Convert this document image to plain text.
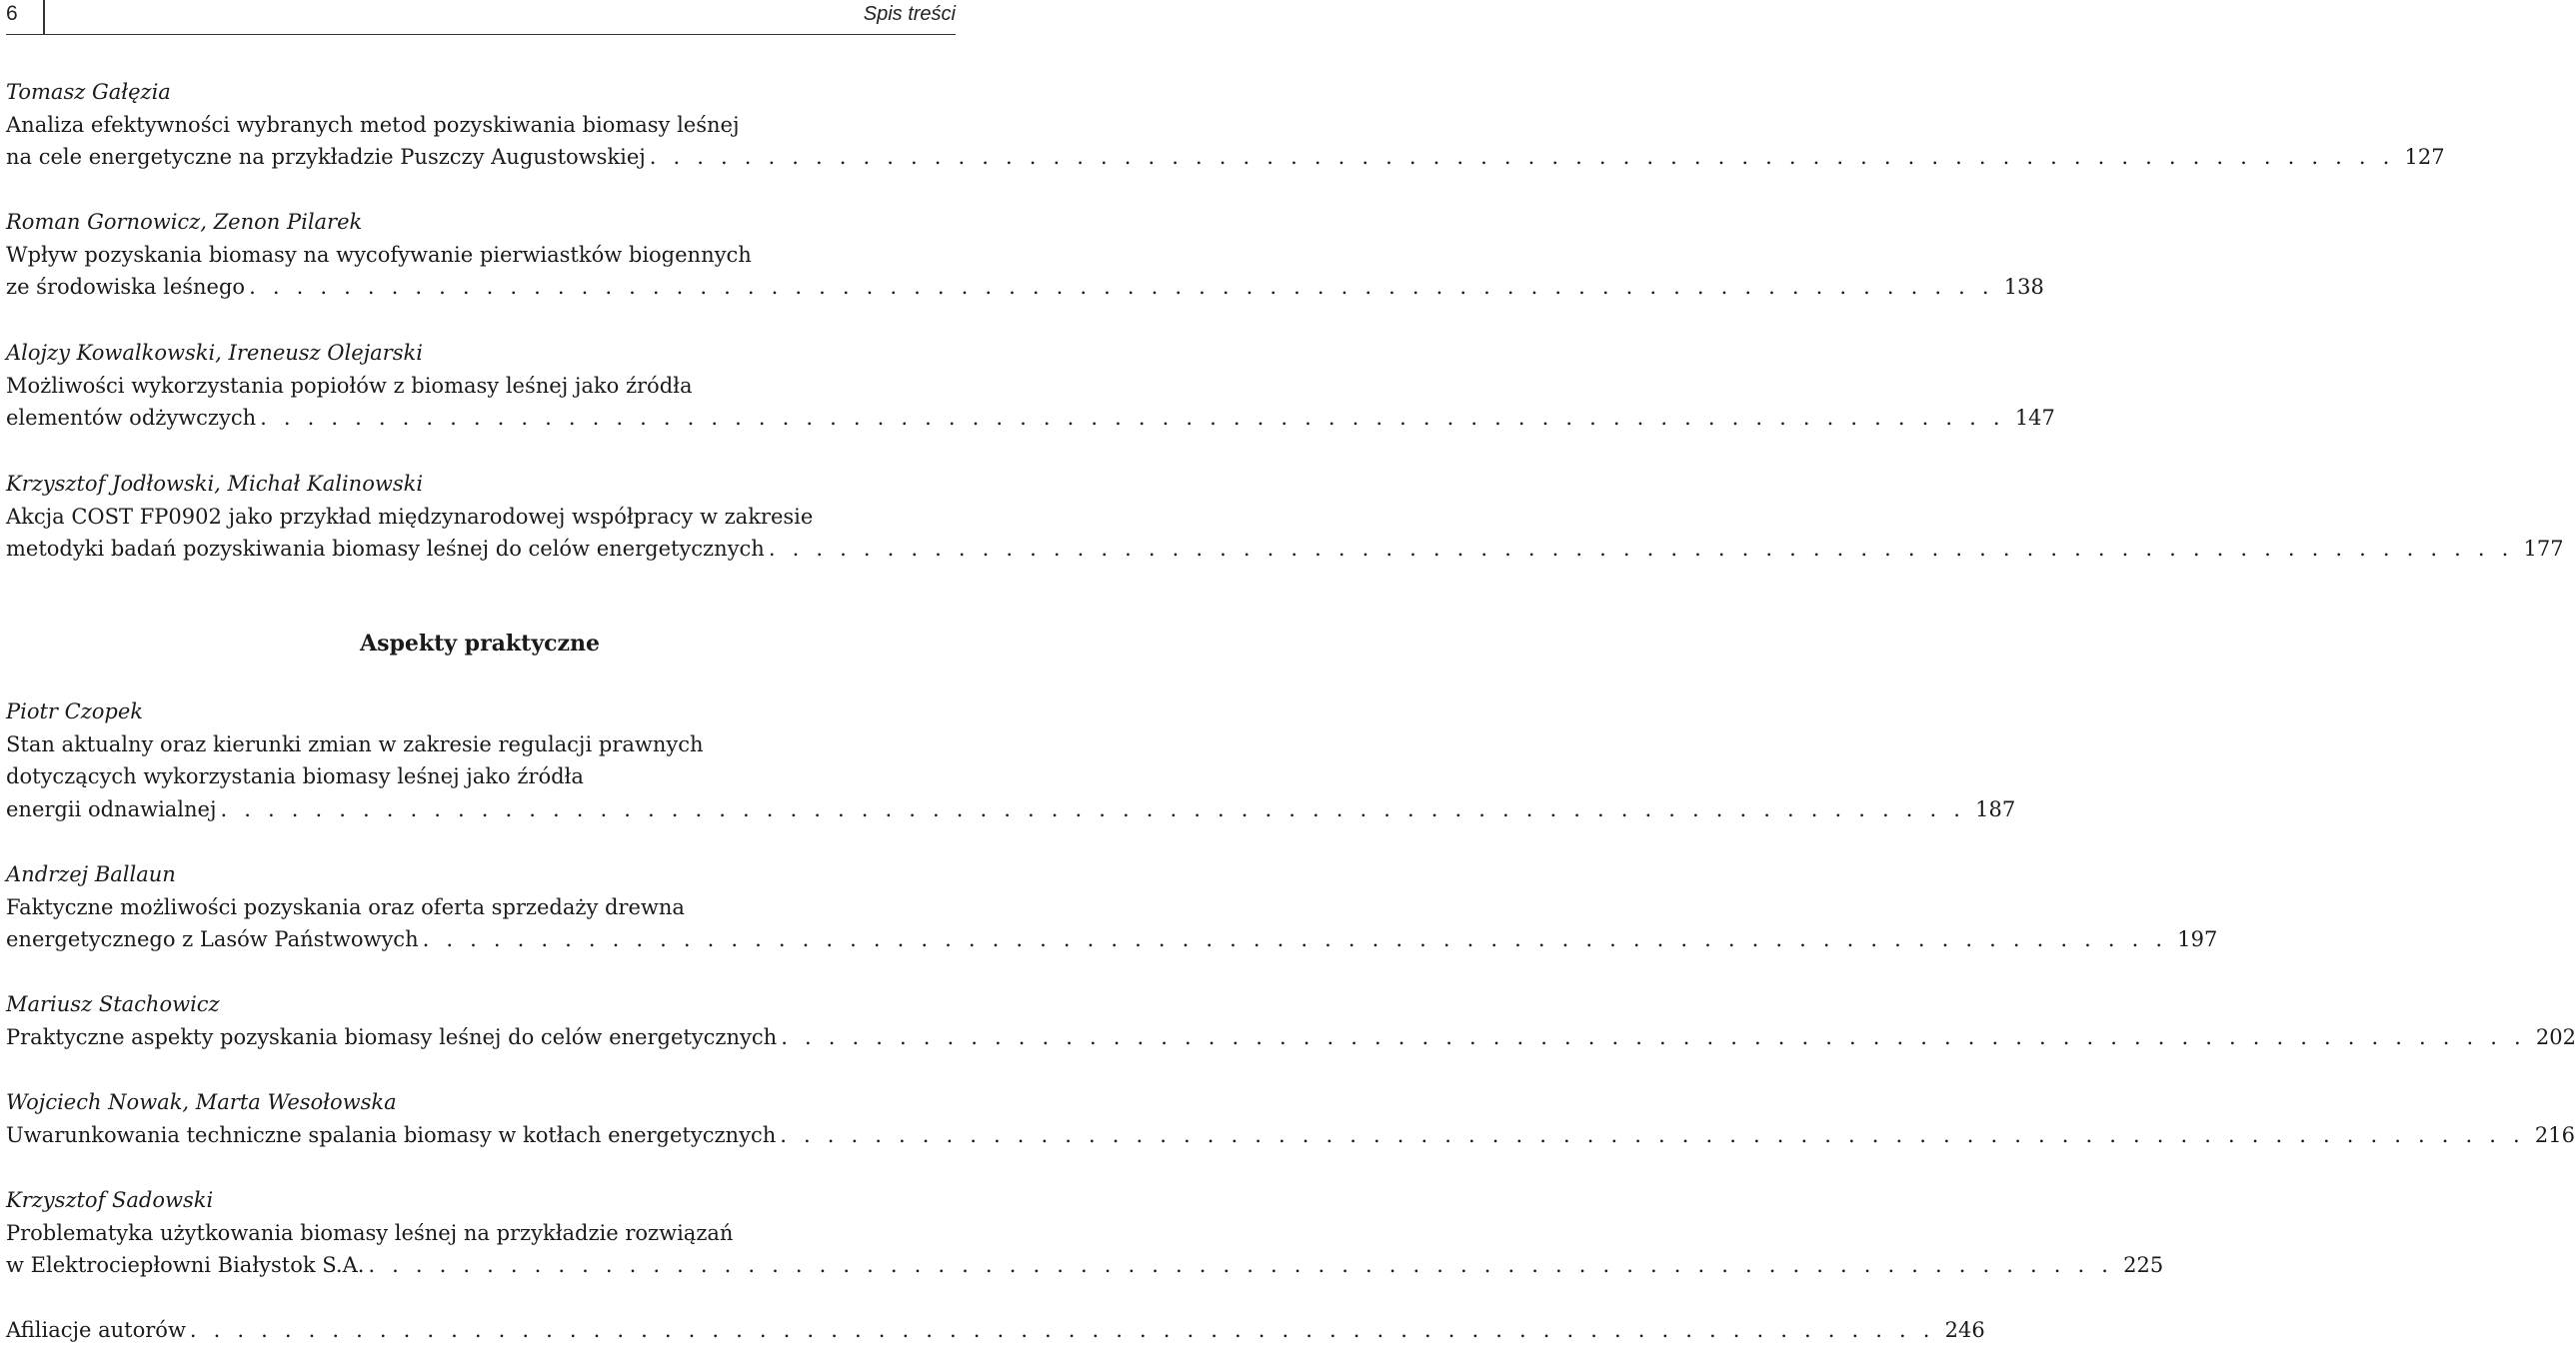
6	Spis treści
Tomasz Gałęzia
Analiza efektywności wybranych metod pozyskiwania biomasy leśnej
na cele energetyczne na przykładzie Puszczy Augustowskiej . . . . . . . . . . . . . . . . . . . . . . . . . . . . . . . . . . . . . . . . . . . . . . . . . . . . . . . . . . . . . . . . . . . . . . . . . . 127
Roman Gornowicz, Zenon Pilarek
Wpływ pozyskania biomasy na wycofywanie pierwiastków biogennych
ze środowiska leśnego . . . . . . . . . . . . . . . . . . . . . . . . . . . . . . . . . . . . . . . . . . . . . . . . . . . . . . . . . . . . . . . . . . . . . . . . . . 138
Alojzy Kowalkowski, Ireneusz Olejarski
Możliwości wykorzystania popiołów z biomasy leśnej jako źródła
elementów odżywczych . . . . . . . . . . . . . . . . . . . . . . . . . . . . . . . . . . . . . . . . . . . . . . . . . . . . . . . . . . . . . . . . . . . . . . . . . . 147
Krzysztof Jodłowski, Michał Kalinowski
Akcja COST FP0902 jako przykład międzynarodowej współpracy w zakresie
metodyki badań pozyskiwania biomasy leśnej do celów energetycznych . . . . . . . . . . . . . . . . . . . . . . . . . . . . . . . . . . . . . . . . . . . . . . . . . . . . . . . . . . . . . . . . . . . . . . . . . . 177
Aspekty praktyczne
Piotr Czopek
Stan aktualny oraz kierunki zmian w zakresie regulacji prawnych
dotyczących wykorzystania biomasy leśnej jako źródła
energii odnawialnej . . . . . . . . . . . . . . . . . . . . . . . . . . . . . . . . . . . . . . . . . . . . . . . . . . . . . . . . . . . . . . . . . . . . . . . . . . 187
Andrzej Ballaun
Faktyczne możliwości pozyskania oraz oferta sprzedaży drewna
energetycznego z Lasów Państwowych . . . . . . . . . . . . . . . . . . . . . . . . . . . . . . . . . . . . . . . . . . . . . . . . . . . . . . . . . . . . . . . . . . . . . . . . . . 197
Mariusz Stachowicz
Praktyczne aspekty pozyskania biomasy leśnej do celów energetycznych . . . . . . . . . . . . . . . . . . . . . . . . . . . . . . . . . . . . . . . . . . . . . . . . . . . . . . . . . . . . . . . . . . . . . . . . . . 202
Wojciech Nowak, Marta Wesołowska
Uwarunkowania techniczne spalania biomasy w kotłach energetycznych . . . . . . . . . . . . . . . . . . . . . . . . . . . . . . . . . . . . . . . . . . . . . . . . . . . . . . . . . . . . . . . . . . . . . . . . . . 216
Krzysztof Sadowski
Problematyka użytkowania biomasy leśnej na przykładzie rozwiązań
w Elektrociepłowni Białystok S.A. . . . . . . . . . . . . . . . . . . . . . . . . . . . . . . . . . . . . . . . . . . . . . . . . . . . . . . . . . . . . . . . . . . . . . . . . . . 225
Afiliacje autorów . . . . . . . . . . . . . . . . . . . . . . . . . . . . . . . . . . . . . . . . . . . . . . . . . . . . . . . . . . . . . . . . . . . . . . . . . . 246
